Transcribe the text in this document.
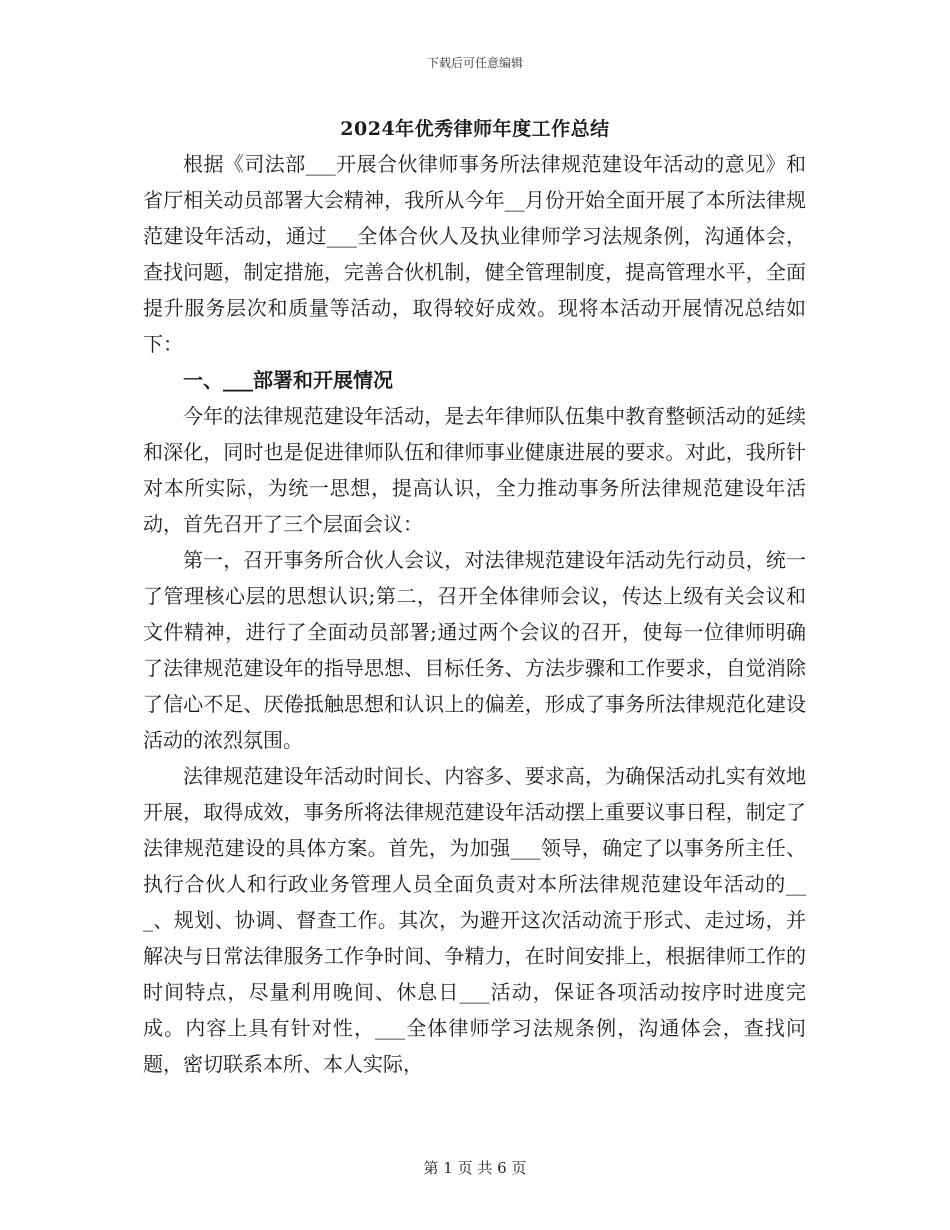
下载后可任意编辑
2024年优秀律师年度工作总结

根据《司法部___开展合伙律师事务所法律规范建设年活动的意见》和省厅相关动员部署大会精神，我所从今年__月份开始全面开展了本所法律规范建设年活动，通过___全体合伙人及执业律师学习法规条例，沟通体会，查找问题，制定措施，完善合伙机制，健全管理制度，提高管理水平，全面提升服务层次和质量等活动，取得较好成效。现将本活动开展情况总结如下：

一、___部署和开展情况

今年的法律规范建设年活动，是去年律师队伍集中教育整顿活动的延续和深化，同时也是促进律师队伍和律师事业健康进展的要求。对此，我所针对本所实际，为统一思想，提高认识，全力推动事务所法律规范建设年活动，首先召开了三个层面会议：

第一，召开事务所合伙人会议，对法律规范建设年活动先行动员，统一了管理核心层的思想认识;第二，召开全体律师会议，传达上级有关会议和文件精神，进行了全面动员部署;通过两个会议的召开，使每一位律师明确了法律规范建设年的指导思想、目标任务、方法步骤和工作要求，自觉消除了信心不足、厌倦抵触思想和认识上的偏差，形成了事务所法律规范化建设活动的浓烈氛围。

法律规范建设年活动时间长、内容多、要求高，为确保活动扎实有效地开展，取得成效，事务所将法律规范建设年活动摆上重要议事日程，制定了法律规范建设的具体方案。首先，为加强___领导，确定了以事务所主任、执行合伙人和行政业务管理人员全面负责对本所法律规范建设年活动的___、规划、协调、督查工作。其次，为避开这次活动流于形式、走过场，并解决与日常法律服务工作争时间、争精力，在时间安排上，根据律师工作的时间特点，尽量利用晚间、休息日___活动，保证各项活动按序时进度完成。内容上具有针对性，___全体律师学习法规条例，沟通体会，查找问题，密切联系本所、本人实际，

第 1 页 共 6 页
